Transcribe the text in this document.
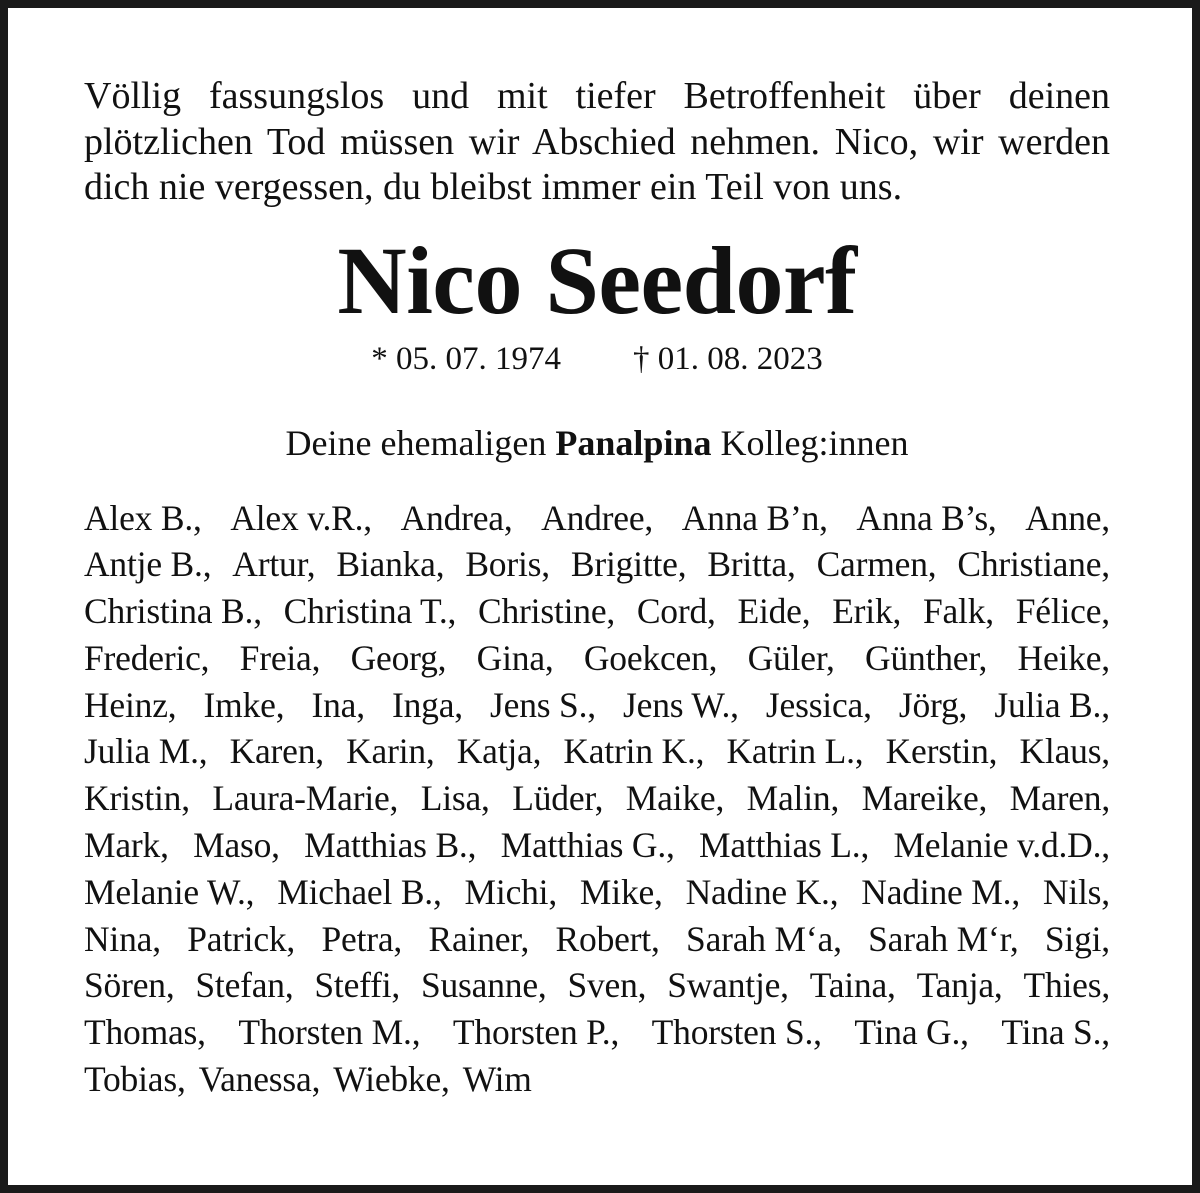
Völlig fassungslos und mit tiefer Betroffenheit über deinen plötzlichen Tod müssen wir Abschied nehmen. Nico, wir werden dich nie vergessen, du bleibst immer ein Teil von uns.

Nico Seedorf
* 05. 07. 1974 † 01. 08. 2023
Deine ehemaligen Panalpina Kolleg:innen
Alex B., Alex v.R., Andrea, Andree, Anna B’n, Anna B’s, Anne,
Antje B., Artur, Bianka, Boris, Brigitte, Britta, Carmen, Christiane,
Christina B., Christina T., Christine, Cord, Eide, Erik, Falk, Félice,
Frederic, Freia, Georg, Gina, Goekcen, Güler, Günther, Heike,
Heinz, Imke, Ina, Inga, Jens S., Jens W., Jessica, Jörg, Julia B.,
Julia M., Karen, Karin, Katja, Katrin K., Katrin L., Kerstin, Klaus,
Kristin, Laura-Marie, Lisa, Lüder, Maike, Malin, Mareike, Maren,
Mark, Maso, Matthias B., Matthias G., Matthias L., Melanie v.d.D.,
Melanie W., Michael B., Michi, Mike, Nadine K., Nadine M., Nils,
Nina, Patrick, Petra, Rainer, Robert, Sarah M‘a, Sarah M‘r, Sigi,
Sören, Stefan, Steffi, Susanne, Sven, Swantje, Taina, Tanja, Thies,
Thomas, Thorsten M., Thorsten P., Thorsten S., Tina G., Tina S.,
Tobias, Vanessa, Wiebke, Wim
